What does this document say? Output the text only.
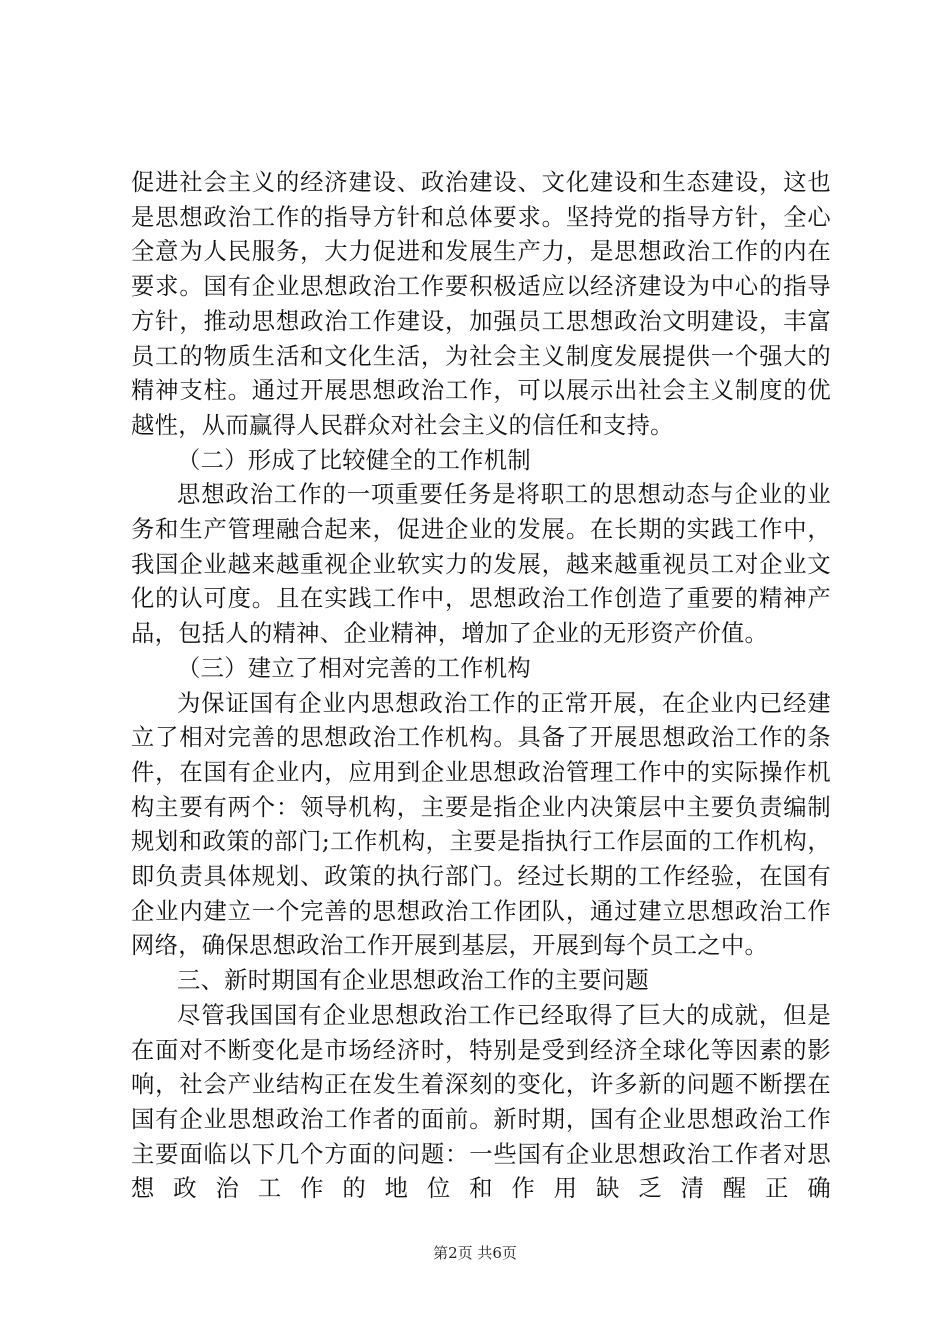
促进社会主义的经济建设、政治建设、文化建设和生态建设，这也是思想政治工作的指导方针和总体要求。坚持党的指导方针，全心全意为人民服务，大力促进和发展生产力，是思想政治工作的内在要求。国有企业思想政治工作要积极适应以经济建设为中心的指导方针，推动思想政治工作建设，加强员工思想政治文明建设，丰富员工的物质生活和文化生活，为社会主义制度发展提供一个强大的精神支柱。通过开展思想政治工作，可以展示出社会主义制度的优越性，从而赢得人民群众对社会主义的信任和支持。

（二）形成了比较健全的工作机制

思想政治工作的一项重要任务是将职工的思想动态与企业的业务和生产管理融合起来，促进企业的发展。在长期的实践工作中，我国企业越来越重视企业软实力的发展，越来越重视员工对企业文化的认可度。且在实践工作中，思想政治工作创造了重要的精神产品，包括人的精神、企业精神，增加了企业的无形资产价值。

（三）建立了相对完善的工作机构

为保证国有企业内思想政治工作的正常开展，在企业内已经建立了相对完善的思想政治工作机构。具备了开展思想政治工作的条件，在国有企业内，应用到企业思想政治管理工作中的实际操作机构主要有两个：领导机构，主要是指企业内决策层中主要负责编制规划和政策的部门;工作机构，主要是指执行工作层面的工作机构，即负责具体规划、政策的执行部门。经过长期的工作经验，在国有企业内建立一个完善的思想政治工作团队，通过建立思想政治工作网络，确保思想政治工作开展到基层，开展到每个员工之中。

三、新时期国有企业思想政治工作的主要问题

尽管我国国有企业思想政治工作已经取得了巨大的成就，但是在面对不断变化是市场经济时，特别是受到经济全球化等因素的影响，社会产业结构正在发生着深刻的变化，许多新的问题不断摆在国有企业思想政治工作者的面前。新时期，国有企业思想政治工作主要面临以下几个方面的问题：一些国有企业思想政治工作者对思想政治工作的地位和作用缺乏清醒正确

第2页 共6页
